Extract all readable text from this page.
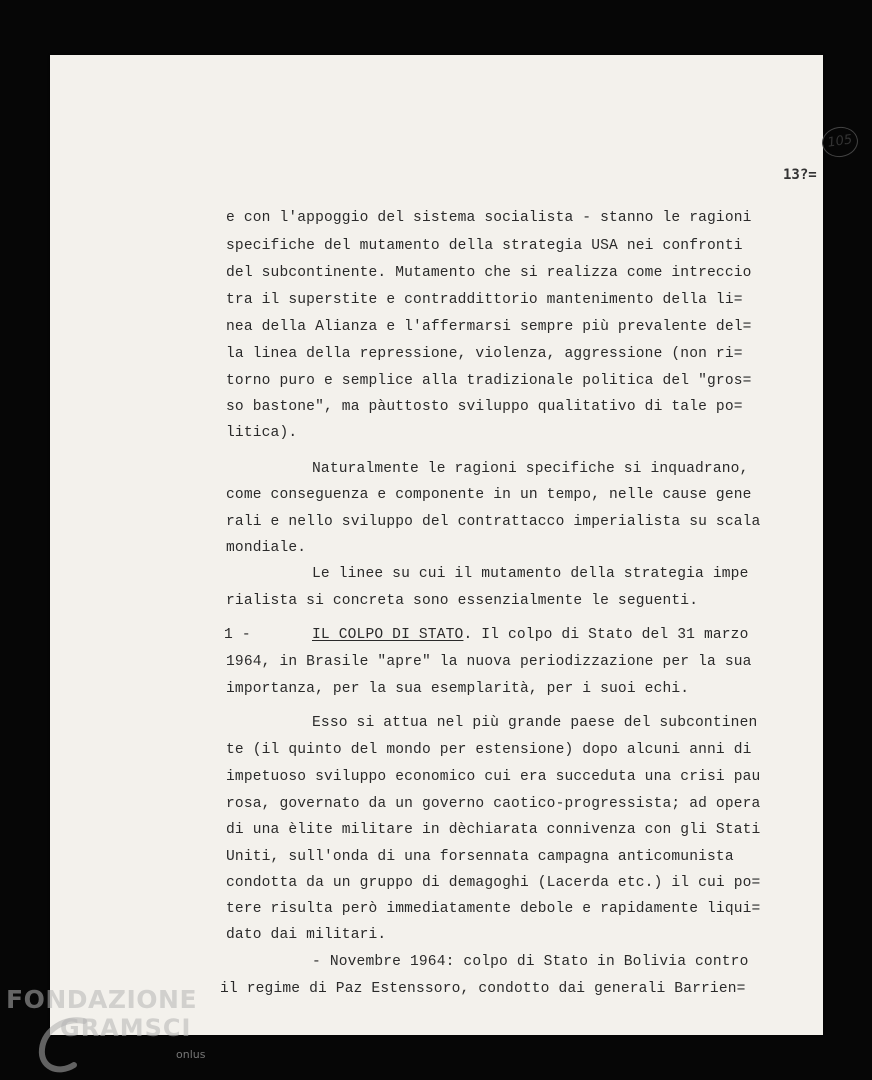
105
13?=
e con l'appoggio del sistema socialista - stanno le ragioni
specifiche del mutamento della strategia USA nei confronti
del subcontinente. Mutamento che si realizza come intreccio
tra il superstite e contraddittorio mantenimento della li=
nea della Alianza e l'affermarsi sempre più prevalente del=
la linea della repressione, violenza, aggressione (non ri=
torno puro e semplice alla tradizionale politica del "gros=
so bastone", ma pàuttosto sviluppo qualitativo di tale po=
litica).
Naturalmente le ragioni specifiche si inquadrano,
come conseguenza e componente in un tempo, nelle cause gene
rali e nello sviluppo del contrattacco imperialista su scala
mondiale.
Le linee su cui il mutamento della strategia impe
rialista si concreta sono essenzialmente le seguenti.
1 -	IL COLPO DI STATO. Il colpo di Stato del 31 marzo
1964, in Brasile "apre" la nuova periodizzazione per la sua
importanza, per la sua esemplarità, per i suoi echi.
Esso si attua nel più grande paese del subcontinen
te (il quinto del mondo per estensione) dopo alcuni anni di
impetuoso sviluppo economico cui era succeduta una crisi pau
rosa, governato da un governo caotico-progressista; ad opera
di una èlite militare in dèchiarata connivenza con gli Stati
Uniti, sull'onda di una forsennata campagna anticomunista
condotta da un gruppo di demagoghi (Lacerda etc.) il cui po=
tere risulta però immediatamente debole e rapidamente liqui=
dato dai militari.
- Novembre 1964: colpo di Stato in Bolivia contro
il regime di Paz Estenssoro, condotto dai generali Barrien=
FONDAZIONE
GRAMSCI
onlus
